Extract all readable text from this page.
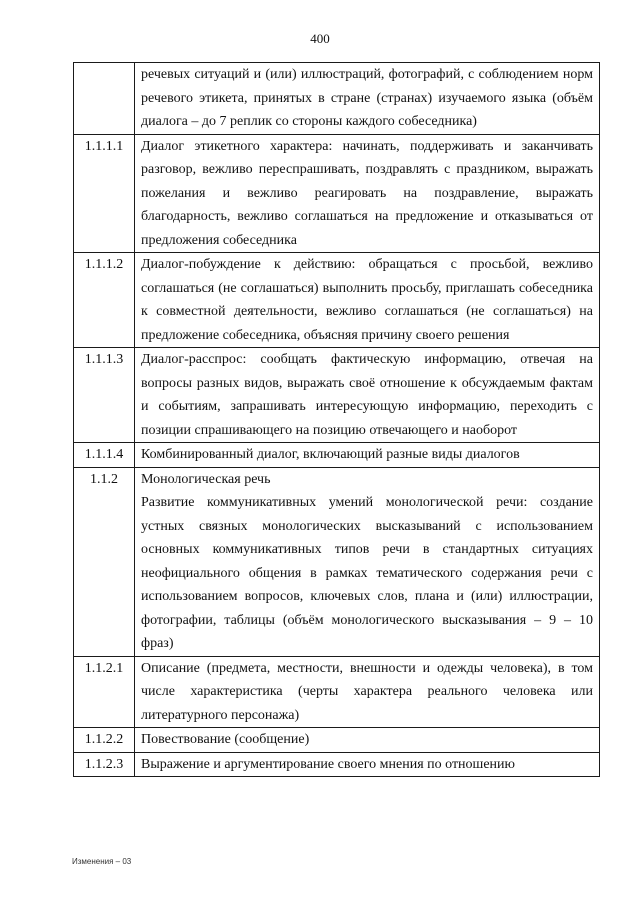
400

	речевых ситуаций и (или) иллюстраций, фотографий, с соблюдением норм речевого этикета, принятых в стране (странах) изучаемого языка (объём диалога – до 7 реплик со стороны каждого собеседника)

1.1.1.1	Диалог этикетного характера: начинать, поддерживать и заканчивать разговор, вежливо переспрашивать, поздравлять с праздником, выражать пожелания и вежливо реагировать на поздравление, выражать благодарность, вежливо соглашаться на предложение и отказываться от предложения собеседника

1.1.1.2	Диалог-побуждение к действию: обращаться с просьбой, вежливо соглашаться (не соглашаться) выполнить просьбу, приглашать собеседника к совместной деятельности, вежливо соглашаться (не соглашаться) на предложение собеседника, объясняя причину своего решения

1.1.1.3	Диалог-расспрос: сообщать фактическую информацию, отвечая на вопросы разных видов, выражать своё отношение к обсуждаемым фактам и событиям, запрашивать интересующую информацию, переходить с позиции спрашивающего на позицию отвечающего и наоборот

1.1.1.4	Комбинированный диалог, включающий разные виды диалогов

1.1.2	Монологическая речь

Развитие коммуникативных умений монологической речи: создание устных связных монологических высказываний с использованием основных коммуникативных типов речи в стандартных ситуациях неофициального общения в рамках тематического содержания речи с использованием вопросов, ключевых слов, плана и (или) иллюстрации, фотографии, таблицы (объём монологического высказывания – 9 – 10 фраз)

1.1.2.1	Описание (предмета, местности, внешности и одежды человека), в том числе характеристика (черты характера реального человека или литературного персонажа)

1.1.2.2	Повествование (сообщение)

1.1.2.3	Выражение и аргументирование своего мнения по отношению

Изменения – 03
